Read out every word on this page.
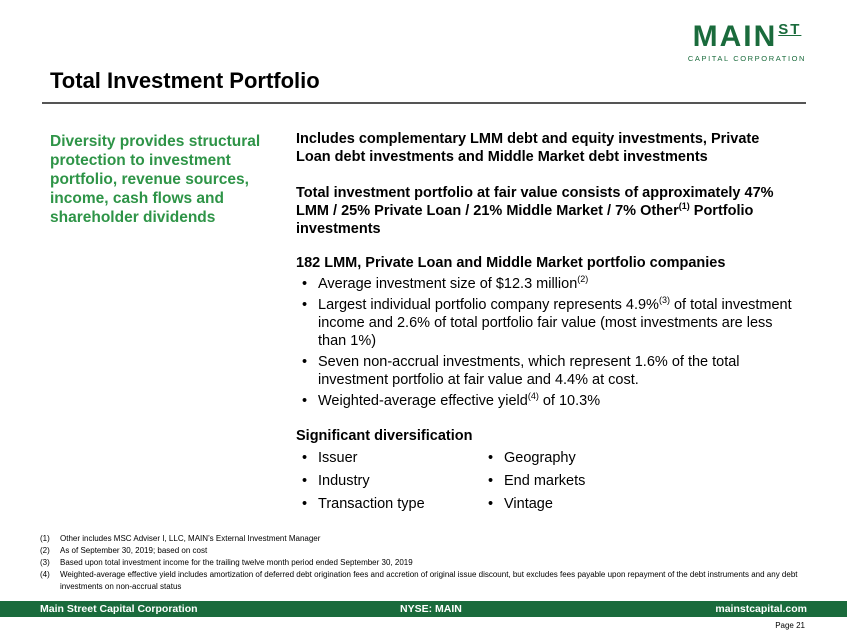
$MAIN^{ST}$
CAPITAL CORPORATION
Total Investment Portfolio
Diversity provides structural protection to investment portfolio, revenue sources, income, cash flows and shareholder dividends

Includes complementary LMM debt and equity investments, Private Loan debt investments and Middle Market debt investments

Total investment portfolio at fair value consists of approximately 47% LMM / 25% Private Loan / 21% Middle Market / 7% Other$^{(1)}$ Portfolio investments

182 LMM, Private Loan and Middle Market portfolio companies

• Average investment size of $12.3 million$^{(2)}$
• Largest individual portfolio company represents 4.9%$^{(3)}$ of total investment income and 2.6% of total portfolio fair value (most investments are less than 1%)
• Seven non-accrual investments, which represent 1.6% of the total investment portfolio at fair value and 4.4% at cost.
• Weighted-average effective yield$^{(4)}$ of 10.3%

Significant diversification

• Issuer
• Industry
• Transaction type
• Geography
• End markets
• Vintage
(1)	Other includes MSC Adviser I, LLC, MAIN’s External Investment Manager
(2)	As of September 30, 2019; based on cost
(3)	Based upon total investment income for the trailing twelve month period ended September 30, 2019
(4)	Weighted-average effective yield includes amortization of deferred debt origination fees and accretion of original issue discount, but excludes fees payable upon repayment of the debt instruments and any debt investments on non-accrual status
Main Street Capital Corporation	NYSE: MAIN	mainstcapital.com
Page 21
